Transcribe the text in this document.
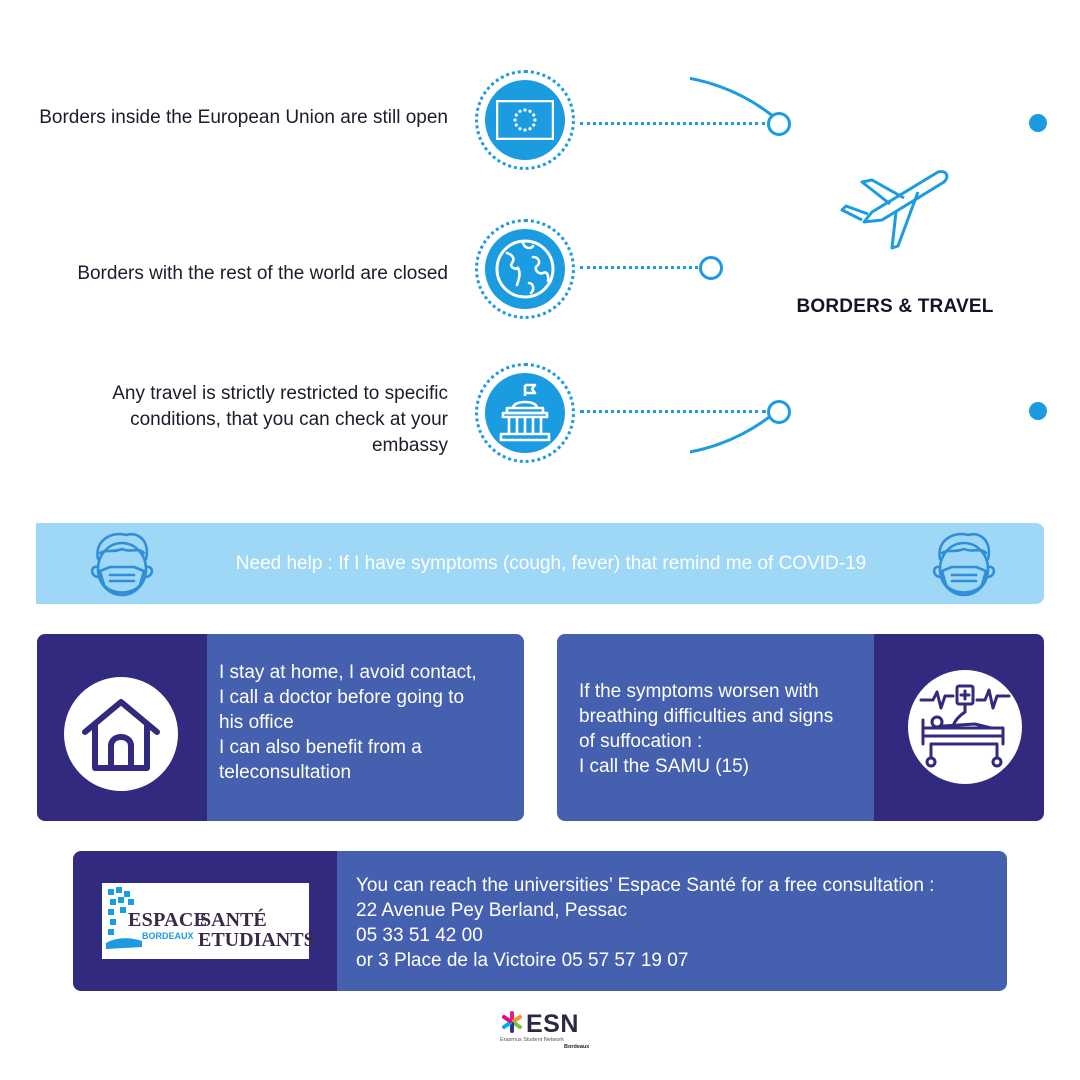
Borders inside the European Union are still open
Borders with the rest of the world are closed
Any travel is strictly restricted to specific
conditions, that you can check at your
embassy
BORDERS & TRAVEL
Need help : If I have symptoms (cough, fever) that remind me of COVID-19
I stay at home, I avoid contact,
I call a doctor before going to
his office
I can also benefit from a
teleconsultation
If the symptoms worsen with
breathing difficulties and signs
of suffocation :
I call the SAMU (15)
ESPACE
SANTÉ
BORDEAUX ETUDIANTS
You can reach the universities’ Espace Santé for a free consultation :
22 Avenue Pey Berland, Pessac
05 33 51 42 00
or 3 Place de la Victoire 05 57 57 19 07
ESN
Erasmus Student Network
Bordeaux
